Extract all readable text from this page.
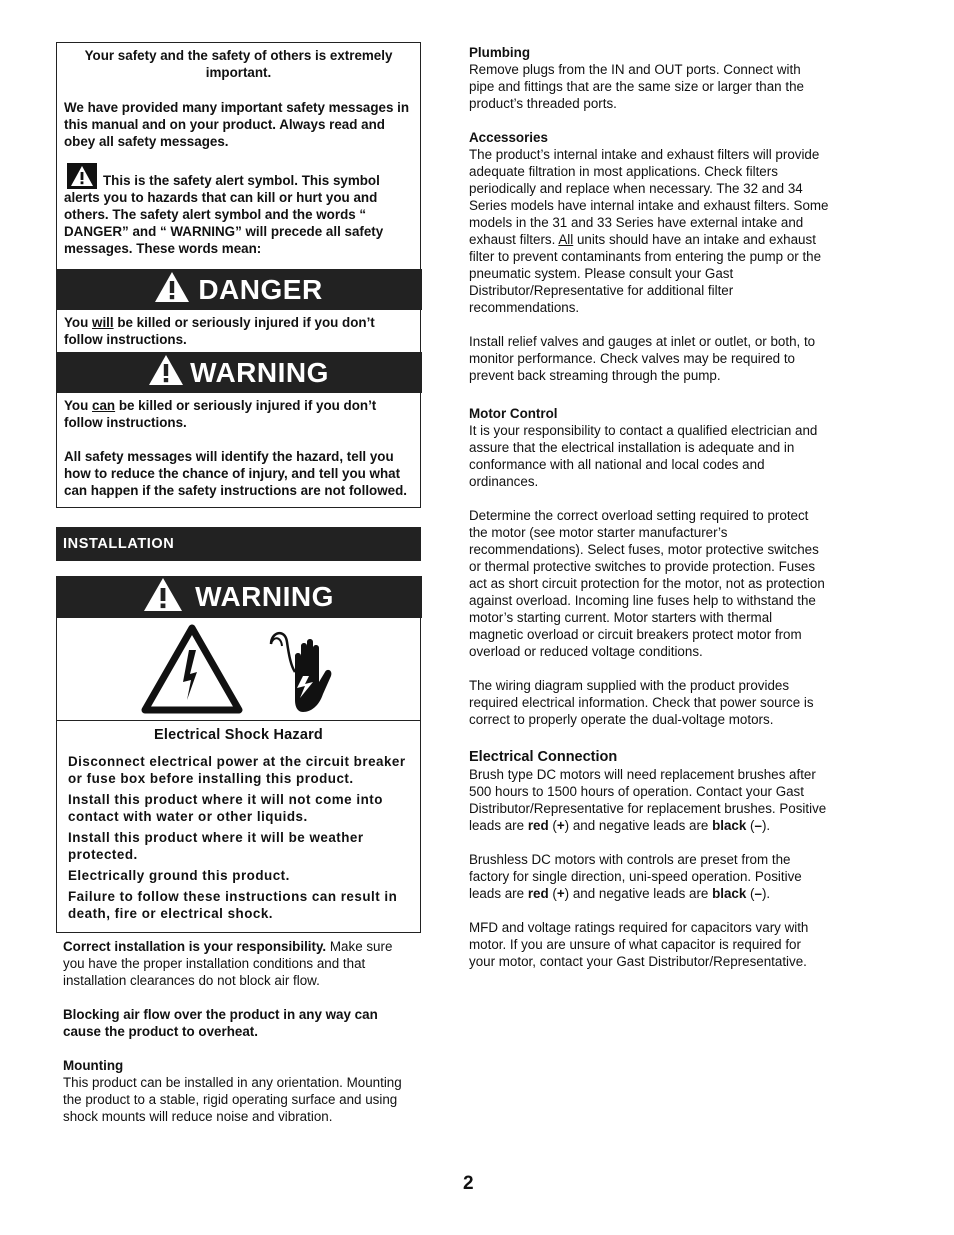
Your safety and the safety of others is extremely important.

We have provided many important safety messages in this manual and on your product. Always read and obey all safety messages.

This is the safety alert symbol. This symbol alerts you to hazards that can kill or hurt you and others. The safety alert symbol and the words “ DANGER” and “ WARNING” will precede all safety messages. These words mean:

DANGER
You will be killed or seriously injured if you don’t follow instructions.
WARNING

You can be killed or seriously injured if you don’t follow instructions.

All safety messages will identify the hazard, tell you how to reduce the chance of injury, and tell you what can happen if the safety instructions are not followed.

INSTALLATION
WARNING

Electrical Shock Hazard

Disconnect electrical power at the circuit breaker or fuse box before installing this product.

Install this product where it will not come into contact with water or other liquids.

Install this product where it will be weather protected.

Electrically ground this product.

Failure to follow these instructions can result in death, fire or electrical shock.

Correct installation is your responsibility. Make sure you have the proper installation conditions and that installation clearances do not block air flow.

Blocking air flow over the product in any way can cause the product to overheat.

Mounting

This product can be installed in any orientation. Mounting the product to a stable, rigid operating surface and using shock mounts will reduce noise and vibration.

Plumbing

Remove plugs from the IN and OUT ports. Connect with pipe and fittings that are the same size or larger than the product’s threaded ports.

Accessories

The product’s internal intake and exhaust filters will provide adequate filtration in most applications. Check filters periodically and replace when necessary. The 32 and 34 Series models have internal intake and exhaust filters. Some models in the 31 and 33 Series have external intake and exhaust filters. All units should have an intake and exhaust filter to prevent contaminants from entering the pump or the pneumatic system. Please consult your Gast Distributor/Representative for additional filter recommendations.

Install relief valves and gauges at inlet or outlet, or both, to monitor performance. Check valves may be required to prevent back streaming through the pump.

Motor Control

It is your responsibility to contact a qualified electrician and assure that the electrical installation is adequate and in conformance with all national and local codes and ordinances.

Determine the correct overload setting required to protect the motor (see motor starter manufacturer’s recommendations). Select fuses, motor protective switches or thermal protective switches to provide protection. Fuses act as short circuit protection for the motor, not as protection against overload. Incoming line fuses help to withstand the motor’s starting current. Motor starters with thermal magnetic overload or circuit breakers protect motor from overload or reduced voltage conditions.

The wiring diagram supplied with the product provides required electrical information. Check that power source is correct to properly operate the dual-voltage motors.

Electrical Connection

Brush type DC motors will need replacement brushes after 500 hours to 1500 hours of operation. Contact your Gast Distributor/Representative for replacement brushes. Positive leads are red (+) and negative leads are black (–).

Brushless DC motors with controls are preset from the factory for single direction, uni-speed operation. Positive leads are red (+) and negative leads are black (–).

MFD and voltage ratings required for capacitors vary with motor. If you are unsure of what capacitor is required for your motor, contact your Gast Distributor/Representative.

2
